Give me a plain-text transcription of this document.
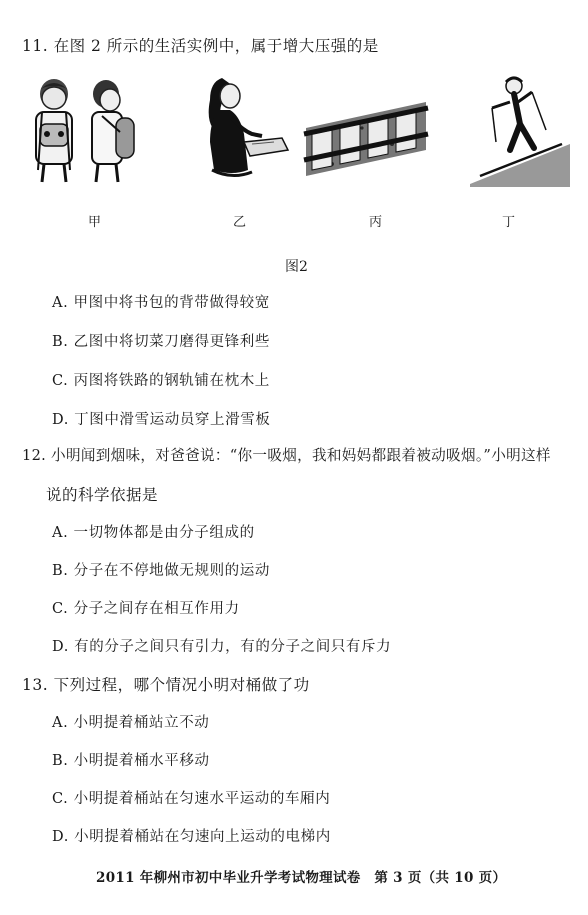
11. 在图 2 所示的生活实例中，属于增大压强的是
甲	乙	丙	丁
图2
A. 甲图中将书包的背带做得较宽
B. 乙图中将切菜刀磨得更锋利些
C. 丙图将铁路的钢轨铺在枕木上
D. 丁图中滑雪运动员穿上滑雪板
12. 小明闻到烟味，对爸爸说：“你一吸烟，我和妈妈都跟着被动吸烟。”小明这样
说的科学依据是
A. 一切物体都是由分子组成的
B. 分子在不停地做无规则的运动
C. 分子之间存在相互作用力
D. 有的分子之间只有引力，有的分子之间只有斥力
13. 下列过程，哪个情况小明对桶做了功
A. 小明提着桶站立不动
B. 小明提着桶水平移动
C. 小明提着桶站在匀速水平运动的车厢内
D. 小明提着桶站在匀速向上运动的电梯内
2011 年柳州市初中毕业升学考试物理试卷　第 3 页（共 10 页）
